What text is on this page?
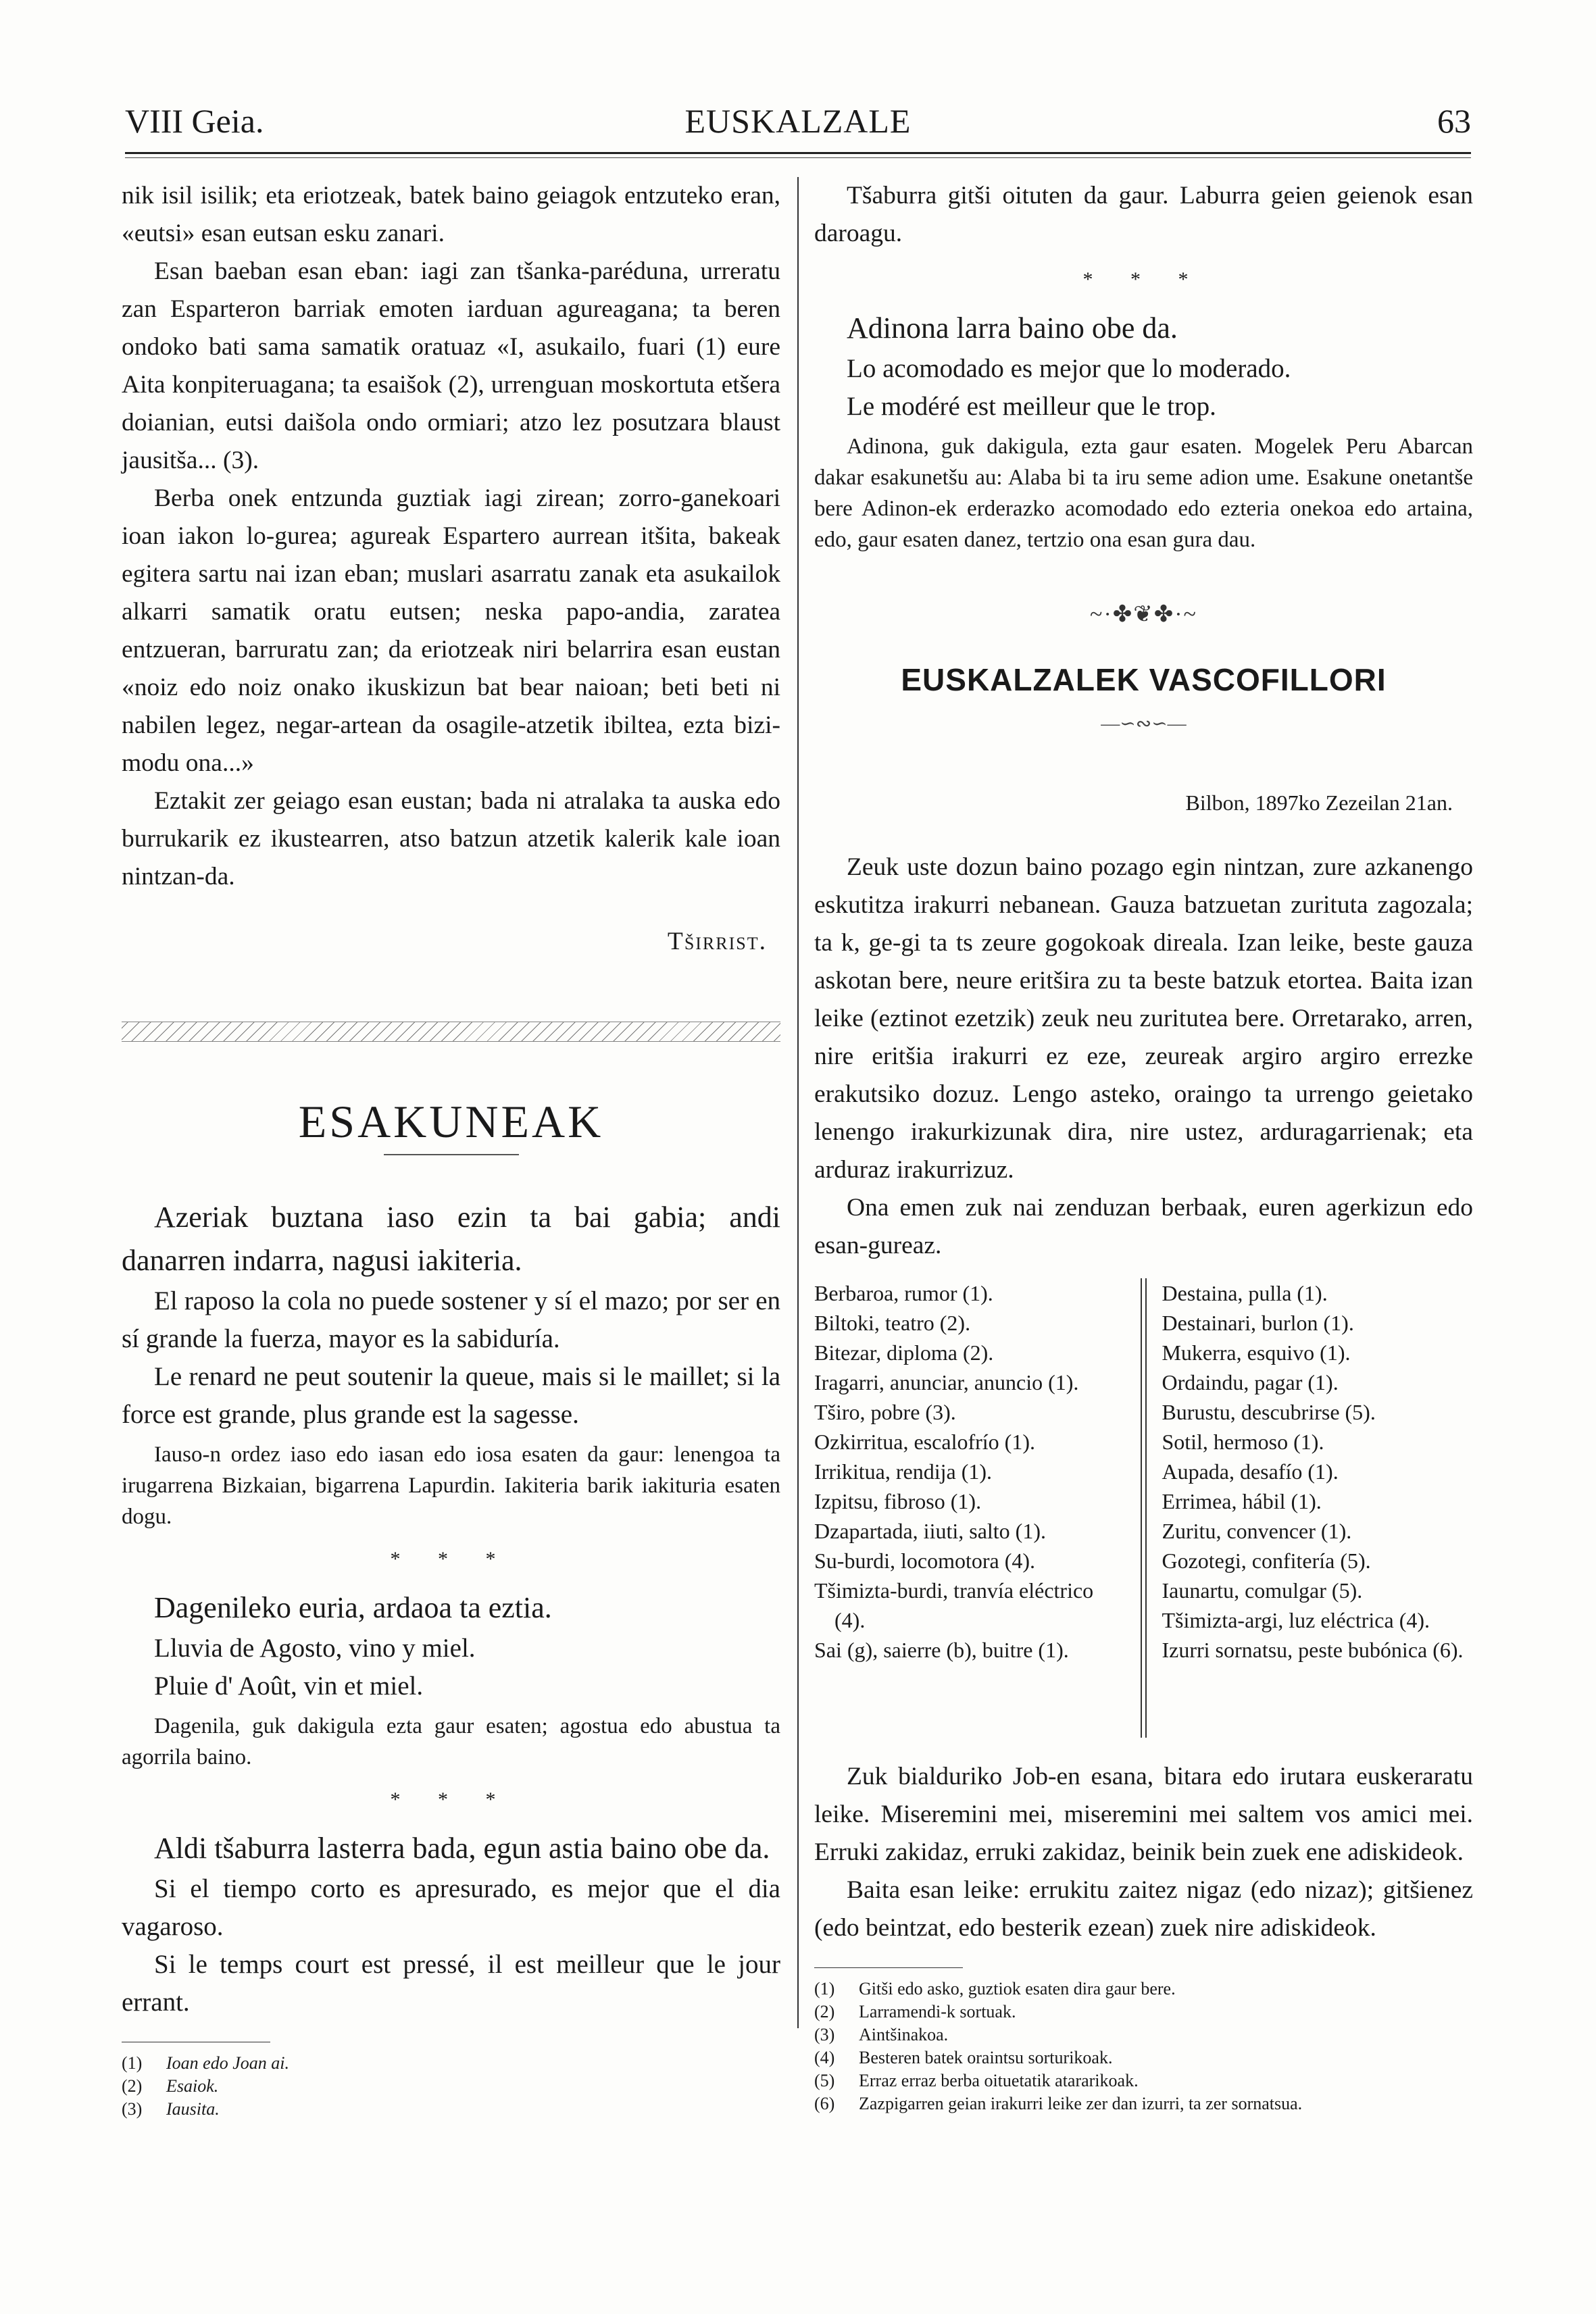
VIII Geia.	EUSKALZALE	63

nik isil isilik; eta eriotzeak, batek baino geiagok entzuteko eran, «eutsi» esan eutsan esku zanari.

Esan baeban esan eban: iagi zan tšanka-paréduna, urreratu zan Esparteron barriak emoten iarduan agureagana; ta beren ondoko bati sama samatik oratuaz «I, asukailo, fuari (1) eure Aita konpiteruagana; ta esaišok (2), urrenguan moskortuta etšera doianian, eutsi daišola ondo ormiari; atzo lez posutzara blaust jausitša... (3).

Berba onek entzunda guztiak iagi zirean; zorro-ganekoari ioan iakon lo-gurea; agureak Espartero aurrean itšita, bakeak egitera sartu nai izan eban; muslari asarratu zanak eta asukailok alkarri samatik oratu eutsen; neska papo-andia, zaratea entzueran, barruratu zan; da eriotzeak niri belarrira esan eustan «noiz edo noiz onako ikuskizun bat bear naioan; beti beti ni nabilen legez, negar-artean da osagile-atzetik ibiltea, ezta bizi-modu ona...»

Eztakit zer geiago esan eustan; bada ni atralaka ta auska edo burrukarik ez ikustearren, atso batzun atzetik kalerik kale ioan nintzan-da.

Tširrist.

ESAKUNEAK

Azeriak buztana iaso ezin ta bai gabia; andi danarren indarra, nagusi iakiteria.

El raposo la cola no puede sostener y sí el mazo; por ser en sí grande la fuerza, mayor es la sabiduría.

Le renard ne peut soutenir la queue, mais si le maillet; si la force est grande, plus grande est la sagesse.

Iauso-n ordez iaso edo iasan edo iosa esaten da gaur: lenengoa ta irugarrena Bizkaian, bigarrena Lapurdin. Iakiteria barik iakituria esaten dogu.

* * *

Dagenileko euria, ardaoa ta eztia.

Lluvia de Agosto, vino y miel.

Pluie d' Août, vin et miel.

Dagenila, guk dakigula ezta gaur esaten; agostua edo abustua ta agorrila baino.

* * *

Aldi tšaburra lasterra bada, egun astia baino obe da.

Si el tiempo corto es apresurado, es mejor que el dia vagaroso.

Si le temps court est pressé, il est meilleur que le jour errant.

(1)	Ioan edo Joan ai.
(2)	Esaiok.
(3)	Iausita.

Tšaburra gitši oituten da gaur. Laburra geien geienok esan daroagu.

* * *

Adinona larra baino obe da.

Lo acomodado es mejor que lo moderado.

Le modéré est meilleur que le trop.

Adinona, guk dakigula, ezta gaur esaten. Mogelek Peru Abarcan dakar esakunetšu au: Alaba bi ta iru seme adion ume. Esakune onetantše bere Adinon-ek erderazko acomodado edo ezteria onekoa edo artaina, edo, gaur esaten danez, tertzio ona esan gura dau.

~·✤❦✤·~
EUSKALZALEK VASCOFILLORI
—∽∾∽—
Bilbon, 1897ko Zezeilan 21an.

Zeuk uste dozun baino pozago egin nintzan, zure azkanengo eskutitza irakurri nebanean. Gauza batzuetan zurituta zagozala; ta k, ge-gi ta ts zeure gogokoak direala. Izan leike, beste gauza askotan bere, neure eritšira zu ta beste batzuk etortea. Baita izan leike (eztinot ezetzik) zeuk neu zuritutea bere. Orretarako, arren, nire eritšia irakurri ez eze, zeureak argiro argiro errezke erakutsiko dozuz. Lengo asteko, oraingo ta urrengo geietako lenengo irakurkizunak dira, nire ustez, arduragarrienak; eta arduraz irakurrizuz.

Ona emen zuk nai zenduzan berbaak, euren agerkizun edo esan-gureaz.

Berbaroa, rumor (1).
Biltoki, teatro (2).
Bitezar, diploma (2).
Iragarri, anunciar, anuncio (1).
Tširo, pobre (3).
Ozkirritua, escalofrío (1).
Irrikitua, rendija (1).
Izpitsu, fibroso (1).
Dzapartada, iiuti, salto (1).
Su-burdi, locomotora (4).
Tšimizta-burdi, tranvía eléctrico (4).
Sai (g), saierre (b), buitre (1).
Destaina, pulla (1).
Destainari, burlon (1).
Mukerra, esquivo (1).
Ordaindu, pagar (1).
Burustu, descubrirse (5).
Sotil, hermoso (1).
Aupada, desafío (1).
Errimea, hábil (1).
Zuritu, convencer (1).
Gozotegi, confitería (5).
Iaunartu, comulgar (5).
Tšimizta-argi, luz eléctrica (4).
Izurri sornatsu, peste bubónica (6).

Zuk bialduriko Job-en esana, bitara edo irutara euskeraratu leike. Miseremini mei, miseremini mei saltem vos amici mei. Erruki zakidaz, erruki zakidaz, beinik bein zuek ene adiskideok.

Baita esan leike: errukitu zaitez nigaz (edo nizaz); gitšienez (edo beintzat, edo besterik ezean) zuek nire adiskideok.

(1)	Gitši edo asko, guztiok esaten dira gaur bere.
(2)	Larramendi-k sortuak.
(3)	Aintšinakoa.
(4)	Besteren batek oraintsu sorturikoak.
(5)	Erraz erraz berba oituetatik atararikoak.
(6)	Zazpigarren geian irakurri leike zer dan izurri, ta zer sornatsua.
